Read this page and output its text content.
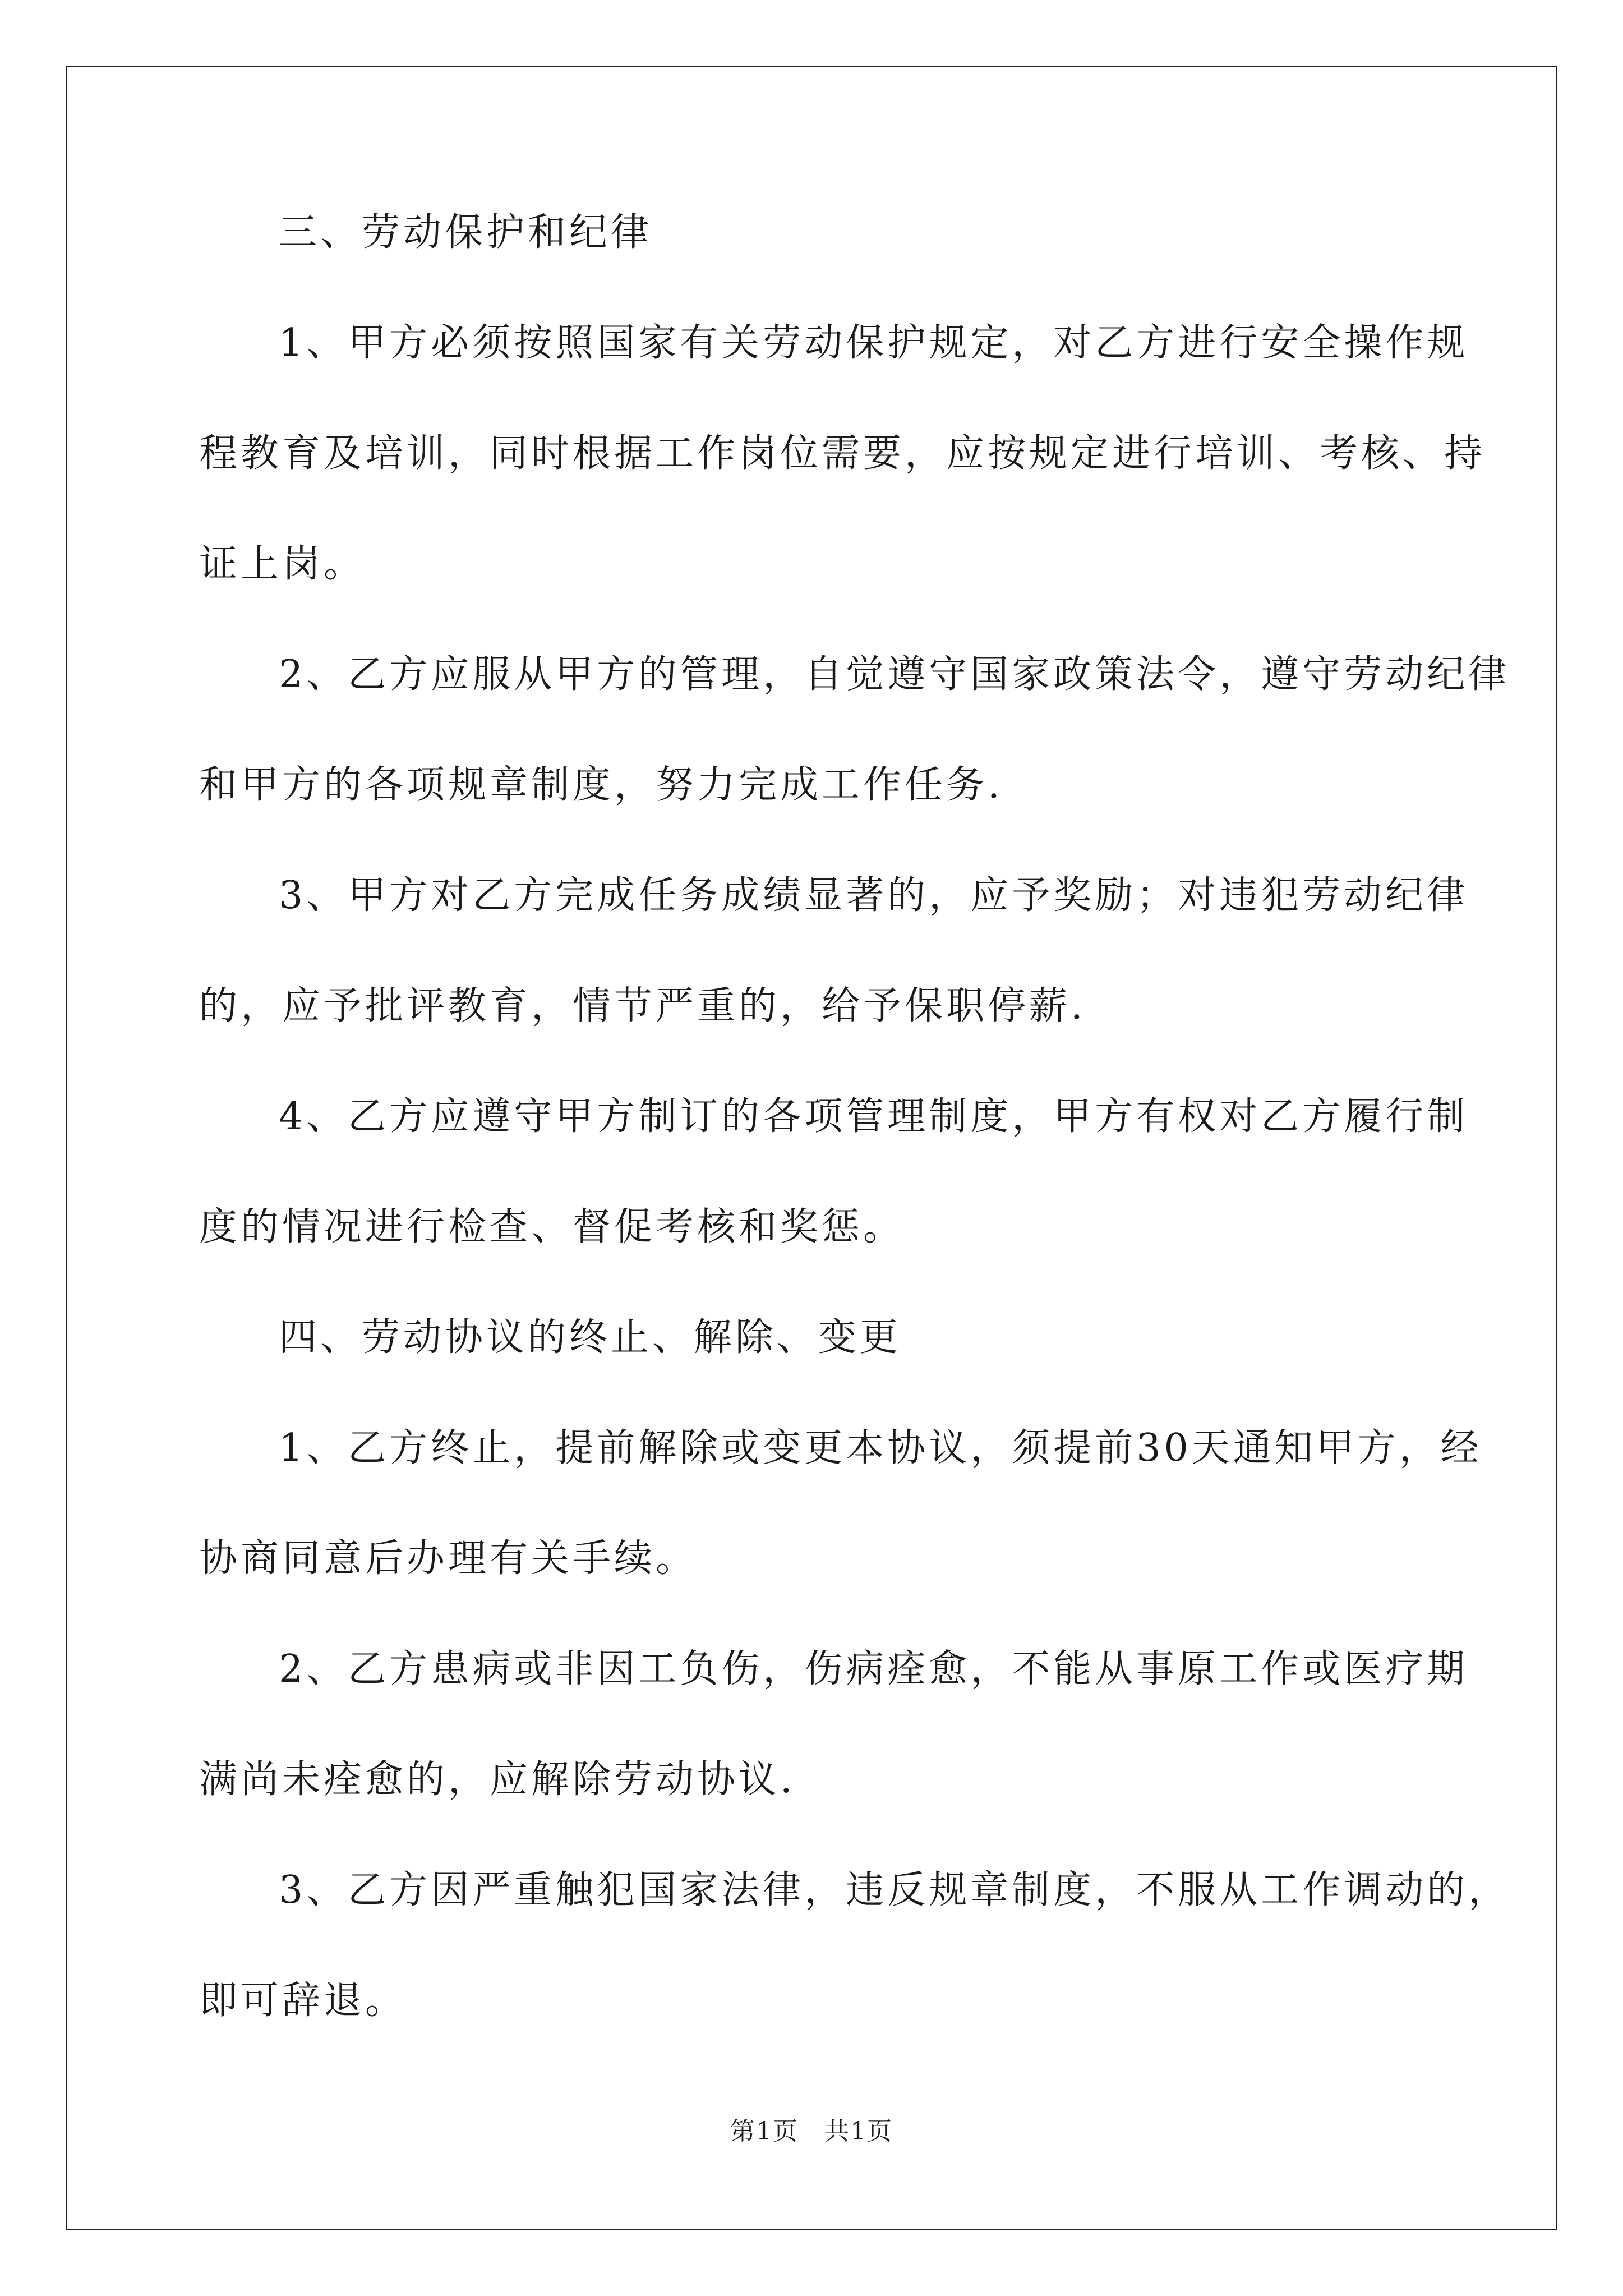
三、劳动保护和纪律
1、甲方必须按照国家有关劳动保护规定，对乙方进行安全操作规
程教育及培训，同时根据工作岗位需要，应按规定进行培训、考核、持
证上岗。
2、乙方应服从甲方的管理，自觉遵守国家政策法令，遵守劳动纪律
和甲方的各项规章制度，努力完成工作任务.
3、甲方对乙方完成任务成绩显著的，应予奖励；对违犯劳动纪律
的，应予批评教育，情节严重的，给予保职停薪.
4、乙方应遵守甲方制订的各项管理制度，甲方有权对乙方履行制
度的情况进行检查、督促考核和奖惩。
四、劳动协议的终止、解除、变更
1、乙方终止，提前解除或变更本协议，须提前30天通知甲方，经
协商同意后办理有关手续。
2、乙方患病或非因工负伤，伤病痊愈，不能从事原工作或医疗期
满尚未痊愈的，应解除劳动协议.
3、乙方因严重触犯国家法律，违反规章制度，不服从工作调动的，
即可辞退。
第1页　共1页
